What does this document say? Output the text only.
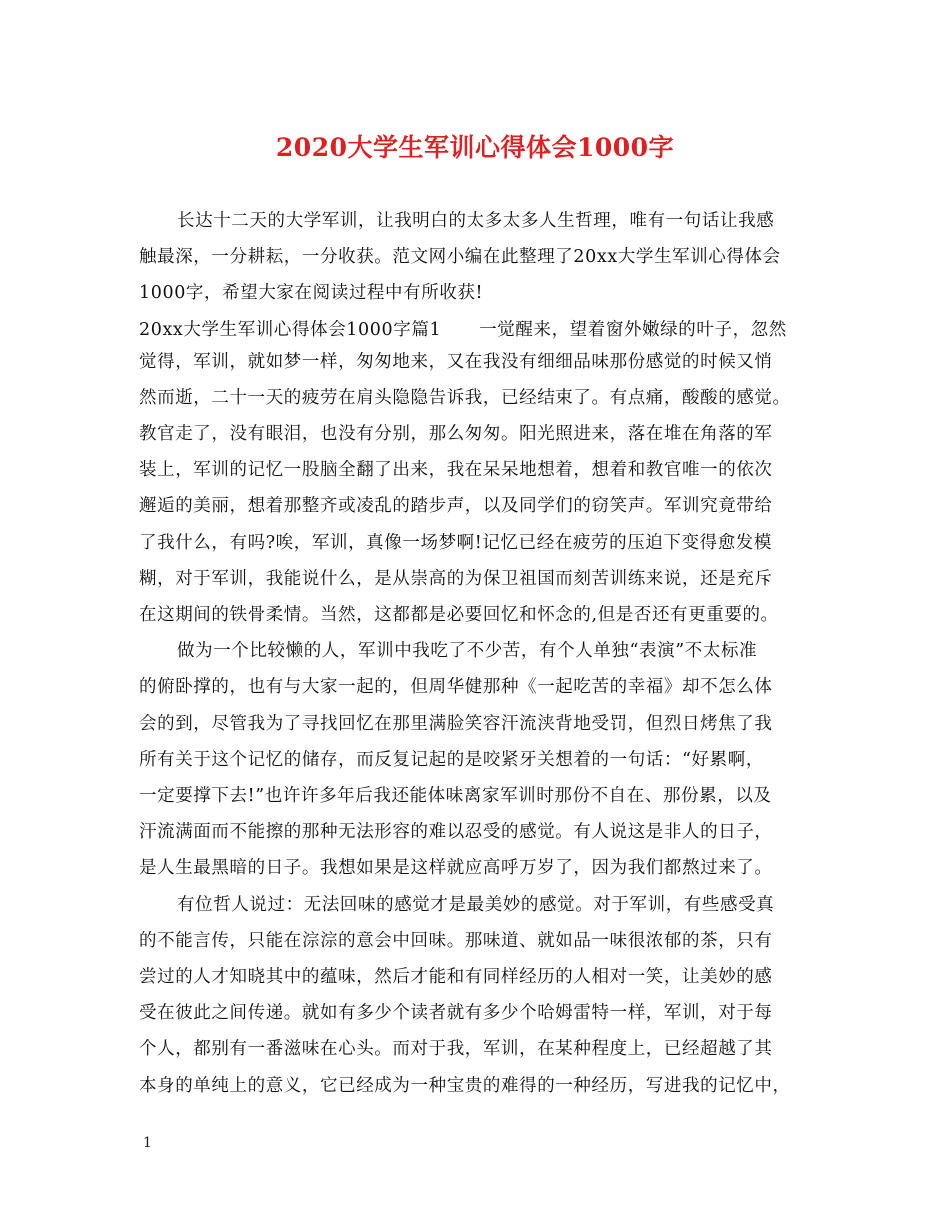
2020大学生军训心得体会1000字
长达十二天的大学军训，让我明白的太多太多人生哲理，唯有一句话让我感
触最深，一分耕耘，一分收获。范文网小编在此整理了20xx大学生军训心得体会
1000字，希望大家在阅读过程中有所收获!
20xx大学生军训心得体会1000字篇1 一觉醒来，望着窗外嫩绿的叶子，忽然
觉得，军训，就如梦一样，匆匆地来，又在我没有细细品味那份感觉的时候又悄
然而逝，二十一天的疲劳在肩头隐隐告诉我，已经结束了。有点痛，酸酸的感觉。
教官走了，没有眼泪，也没有分别，那么匆匆。阳光照进来，落在堆在角落的军
装上，军训的记忆一股脑全翻了出来，我在呆呆地想着，想着和教官唯一的依次
邂逅的美丽，想着那整齐或凌乱的踏步声，以及同学们的窃笑声。军训究竟带给
了我什么，有吗?唉，军训，真像一场梦啊!记忆已经在疲劳的压迫下变得愈发模
糊，对于军训，我能说什么，是从崇高的为保卫祖国而刻苦训练来说，还是充斥
在这期间的铁骨柔情。当然，这都都是必要回忆和怀念的,但是否还有更重要的。
做为一个比较懒的人，军训中我吃了不少苦，有个人单独“表演”不太标准
的俯卧撑的，也有与大家一起的，但周华健那种《一起吃苦的幸福》却不怎么体
会的到，尽管我为了寻找回忆在那里满脸笑容汗流浃背地受罚，但烈日烤焦了我
所有关于这个记忆的储存，而反复记起的是咬紧牙关想着的一句话：“好累啊，
一定要撑下去!”也许许多年后我还能体味离家军训时那份不自在、那份累，以及
汗流满面而不能擦的那种无法形容的难以忍受的感觉。有人说这是非人的日子，
是人生最黑暗的日子。我想如果是这样就应高呼万岁了，因为我们都熬过来了。
有位哲人说过：无法回味的感觉才是最美妙的感觉。对于军训，有些感受真
的不能言传，只能在淙淙的意会中回味。那味道、就如品一味很浓郁的茶，只有
尝过的人才知晓其中的蕴味，然后才能和有同样经历的人相对一笑，让美妙的感
受在彼此之间传递。就如有多少个读者就有多少个哈姆雷特一样，军训，对于每
个人，都别有一番滋味在心头。而对于我，军训，在某种程度上，已经超越了其
本身的单纯上的意义，它已经成为一种宝贵的难得的一种经历，写进我的记忆中，
1
